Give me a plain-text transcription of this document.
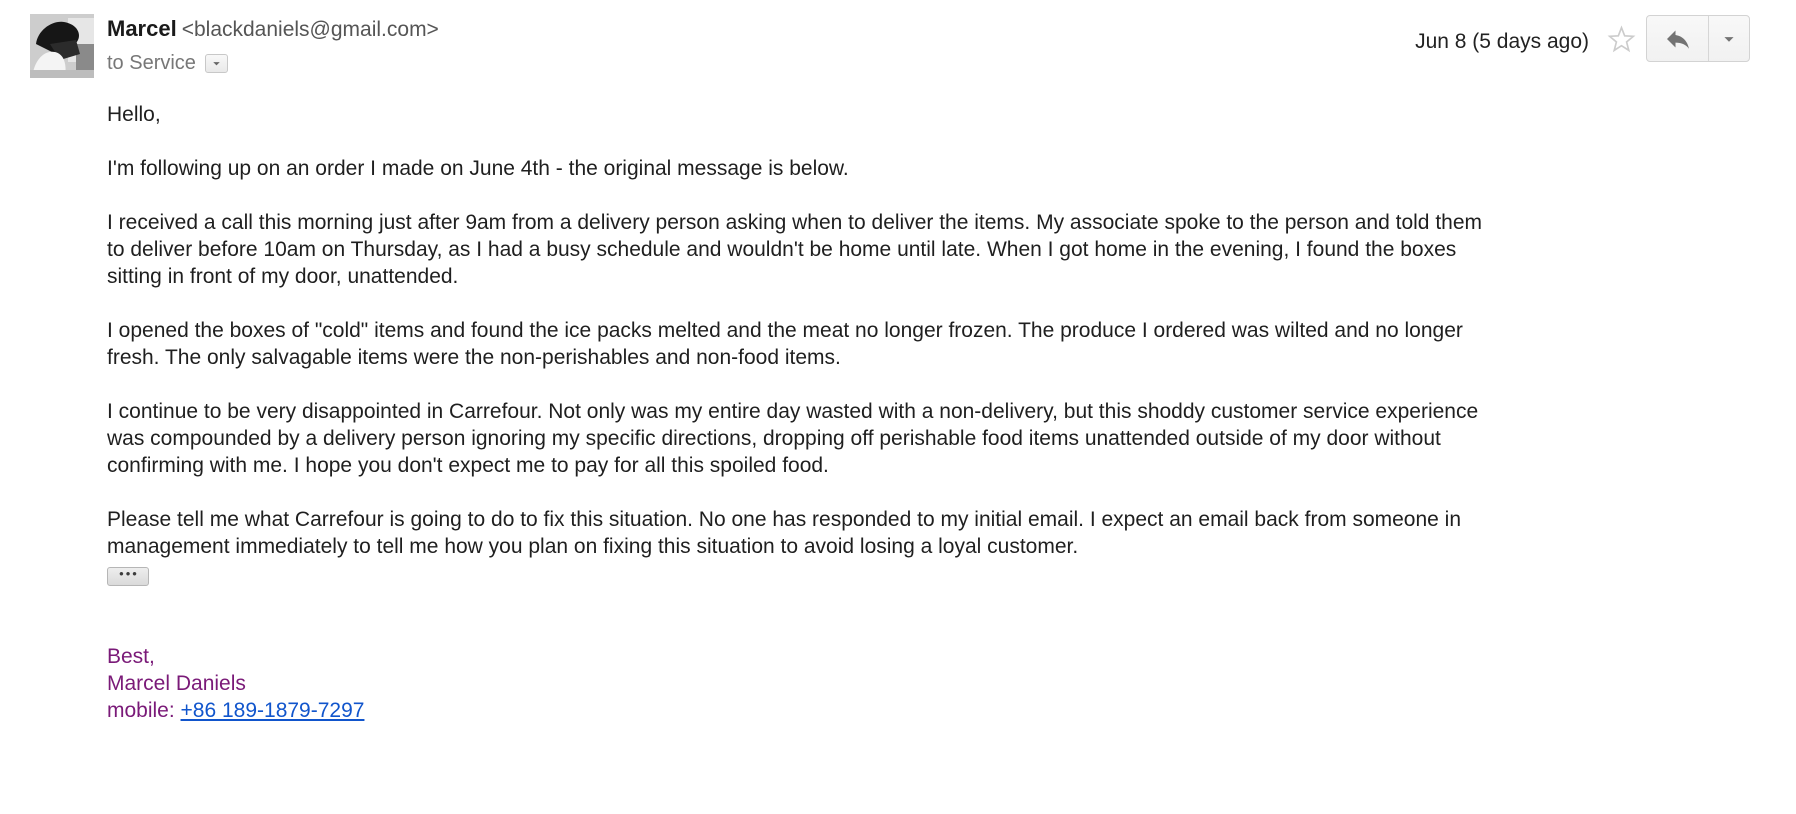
Marcel <blackdaniels@gmail.com>
to Service
Jun 8 (5 days ago)
Hello,
I'm following up on an order I made on June 4th - the original message is below.
I received a call this morning just after 9am from a delivery person asking when to deliver the items. My associate spoke to the person and told them to deliver before 10am on Thursday, as I had a busy schedule and wouldn't be home until late. When I got home in the evening, I found the boxes sitting in front of my door, unattended.
I opened the boxes of "cold" items and found the ice packs melted and the meat no longer frozen. The produce I ordered was wilted and no longer fresh. The only salvagable items were the non-perishables and non-food items.
I continue to be very disappointed in Carrefour. Not only was my entire day wasted with a non-delivery, but this shoddy customer service experience was compounded by a delivery person ignoring my specific directions, dropping off perishable food items unattended outside of my door without confirming with me. I hope you don't expect me to pay for all this spoiled food.
Please tell me what Carrefour is going to do to fix this situation. No one has responded to my initial email. I expect an email back from someone in management immediately to tell me how you plan on fixing this situation to avoid losing a loyal customer.
•••
Best,
Marcel Daniels
mobile: +86 189-1879-7297
